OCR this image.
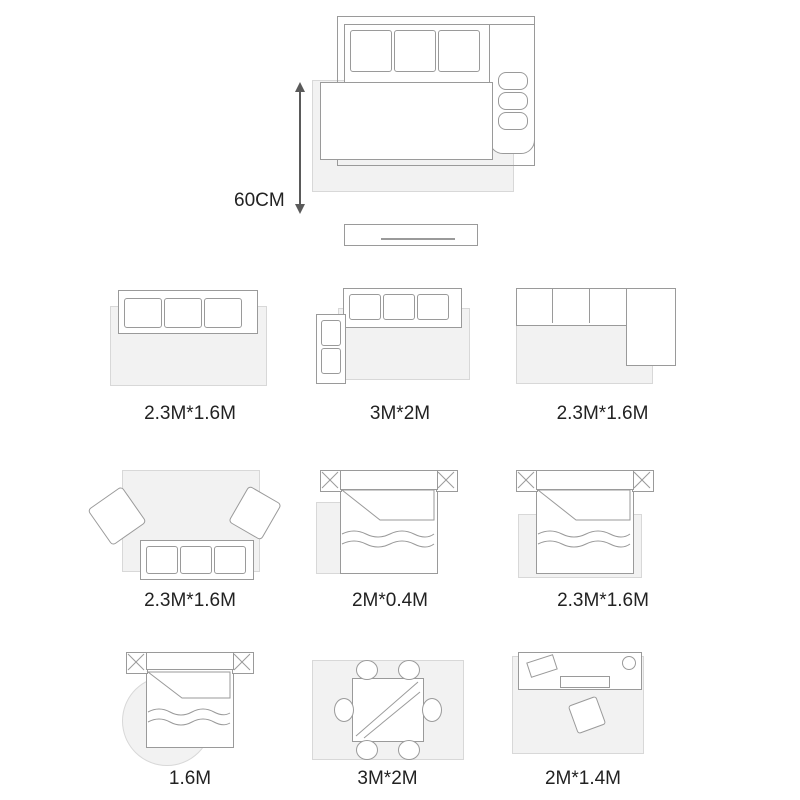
60CM
2.3M*1.6M	3M*2M	2.3M*1.6M
2.3M*1.6M	2M*0.4M	2.3M*1.6M
1.6M	3M*2M	2M*1.4M
